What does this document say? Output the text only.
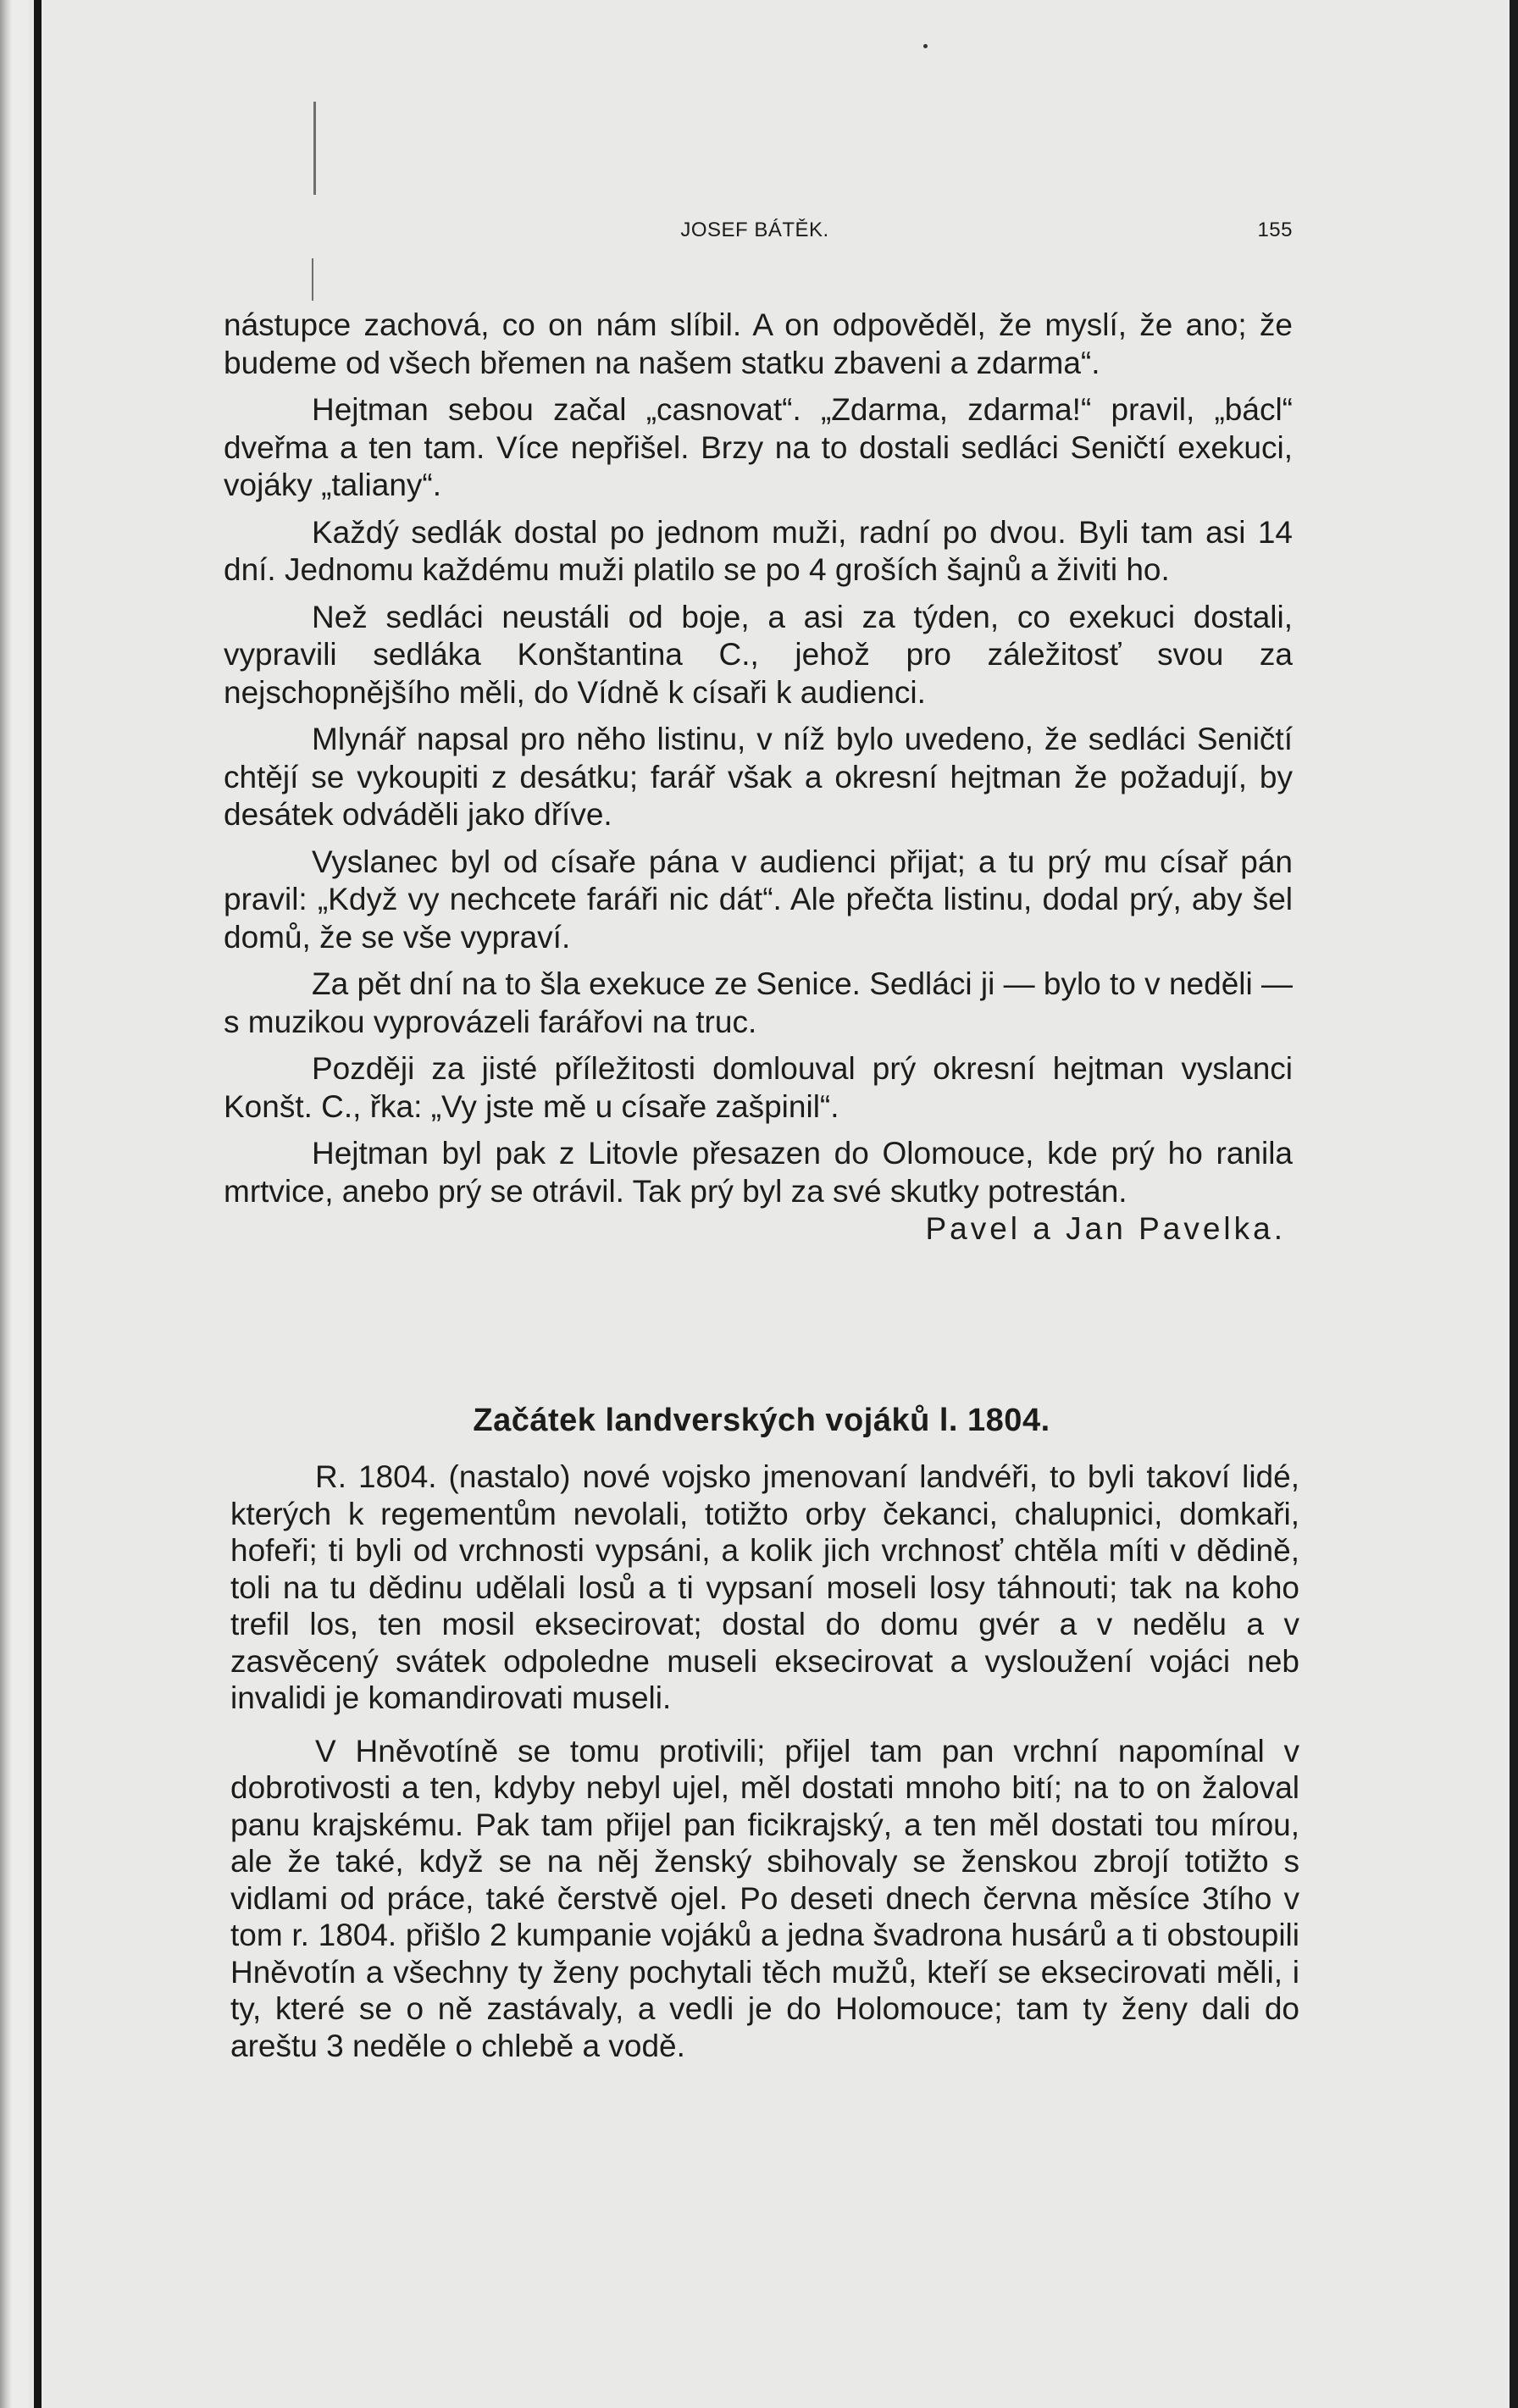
JOSEF BÁTĚK.	155

nástupce zachová, co on nám slíbil. A on odpověděl, že myslí, že ano; že budeme od všech břemen na našem statku zbaveni a zdarma“.

Hejtman sebou začal „casnovat“. „Zdarma, zdarma!“ pravil, „bácl“ dveřma a ten tam. Více nepřišel. Brzy na to dostali sedláci Seničtí exekuci, vojáky „taliany“.

Každý sedlák dostal po jednom muži, radní po dvou. Byli tam asi 14 dní. Jednomu každému muži platilo se po 4 groších šajnů a živiti ho.

Než sedláci neustáli od boje, a asi za týden, co exekuci dostali, vypravili sedláka Konštantina C., jehož pro záležitosť svou za nejschopnějšího měli, do Vídně k císaři k audienci.

Mlynář napsal pro něho listinu, v níž bylo uvedeno, že sedláci Seničtí chtějí se vykoupiti z desátku; farář však a okresní hejtman že požadují, by desátek odváděli jako dříve.

Vyslanec byl od císaře pána v audienci přijat; a tu prý mu císař pán pravil: „Když vy nechcete faráři nic dát“. Ale přečta listinu, dodal prý, aby šel domů, že se vše vypraví.

Za pět dní na to šla exekuce ze Senice. Sedláci ji — bylo to v neděli — s muzikou vyprovázeli farářovi na truc.

Později za jisté příležitosti domlouval prý okresní hejtman vyslanci Konšt. C., řka: „Vy jste mě u císaře zašpinil“.

Hejtman byl pak z Litovle přesazen do Olomouce, kde prý ho ranila mrtvice, anebo prý se otrávil. Tak prý byl za své skutky potrestán.

Pavel a Jan Pavelka.
Začátek landverských vojáků l. 1804.

R. 1804. (nastalo) nové vojsko jmenovaní landvéři, to byli takoví lidé, kterých k regementům nevolali, totižto orby čekanci, chalupnici, domkaři, hofeři; ti byli od vrchnosti vypsáni, a kolik jich vrchnosť chtěla míti v dědině, toli na tu dědinu udělali losů a ti vypsaní moseli losy táhnouti; tak na koho trefil los, ten mosil eksecirovat; dostal do domu gvér a v nedělu a v zasvěcený svátek odpoledne museli eksecirovat a vysloužení vojáci neb invalidi je komandirovati museli.

V Hněvotíně se tomu protivili; přijel tam pan vrchní napomínal v dobrotivosti a ten, kdyby nebyl ujel, měl dostati mnoho bití; na to on žaloval panu krajskému. Pak tam přijel pan ficikrajský, a ten měl dostati tou mírou, ale že také, když se na něj ženský sbihovaly se ženskou zbrojí totižto s vidlami od práce, také čerstvě ojel. Po deseti dnech června měsíce 3tího v tom r. 1804. přišlo 2 kumpanie vojáků a jedna švadrona husárů a ti obstoupili Hněvotín a všechny ty ženy pochytali těch mužů, kteří se eksecirovati měli, i ty, které se o ně zastávaly, a vedli je do Holomouce; tam ty ženy dali do areštu 3 neděle o chlebě a vodě.
